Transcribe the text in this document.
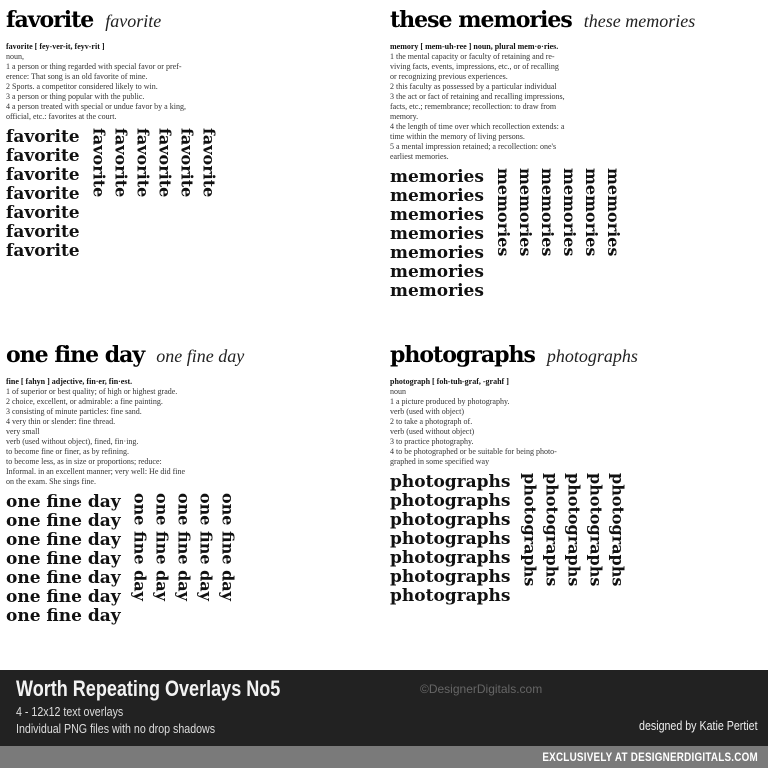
favorite favorite
favorite [ fey-ver-it, feyv-rit ]
noun,
1 a person or thing regarded with special favor or pref-
erence: That song is an old favorite of mine.
2 Sports. a competitor considered likely to win.
3 a person or thing popular with the public.
4 a person treated with special or undue favor by a king,
official, etc.: favorites at the court.
favorite
favorite
favorite
favorite
favorite
favorite
favorite
favorite favorite favorite favorite favorite favorite
these memories these memories
memory [ mem-uh-ree ] noun, plural mem·o·ries.
1 the mental capacity or faculty of retaining and re-
viving facts, events, impressions, etc., or of recalling
or recognizing previous experiences.
2 this faculty as possessed by a particular individual
3 the act or fact of retaining and recalling impressions,
facts, etc.; remembrance; recollection: to draw from
memory.
4 the length of time over which recollection extends: a
time within the memory of living persons.
5 a mental impression retained; a recollection: one's
earliest memories.
memories
memories
memories
memories
memories
memories
memories
memories memories memories memories memories memories
one fine day one fine day
fine [ fahyn ] adjective, fin·er, fin·est.
1 of superior or best quality; of high or highest grade.
2 choice, excellent, or admirable: a fine painting.
3 consisting of minute particles: fine sand.
4 very thin or slender: fine thread.
very small
verb (used without object), fined, fin·ing.
to become fine or finer, as by refining.
to become less, as in size or proportions; reduce:
Informal. in an excellent manner; very well: He did fine
on the exam. She sings fine.
one fine day
one fine day
one fine day
one fine day
one fine day
one fine day
one fine day
one fine day one fine day one fine day one fine day one fine day
photographs photographs
photograph [ foh-tuh-graf, -grahf ]
noun
1 a picture produced by photography.
verb (used with object)
2 to take a photograph of.
verb (used without object)
3 to practice photography.
4 to be photographed or be suitable for being photo-
graphed in some specified way
photographs
photographs
photographs
photographs
photographs
photographs
photographs
photographs photographs photographs photographs photographs
Worth Repeating Overlays No5
4 - 12x12 text overlays
Individual PNG files with no drop shadows
©DesignerDigitals.com
designed by Katie Pertiet
EXCLUSIVELY AT DESIGNERDIGITALS.COM
